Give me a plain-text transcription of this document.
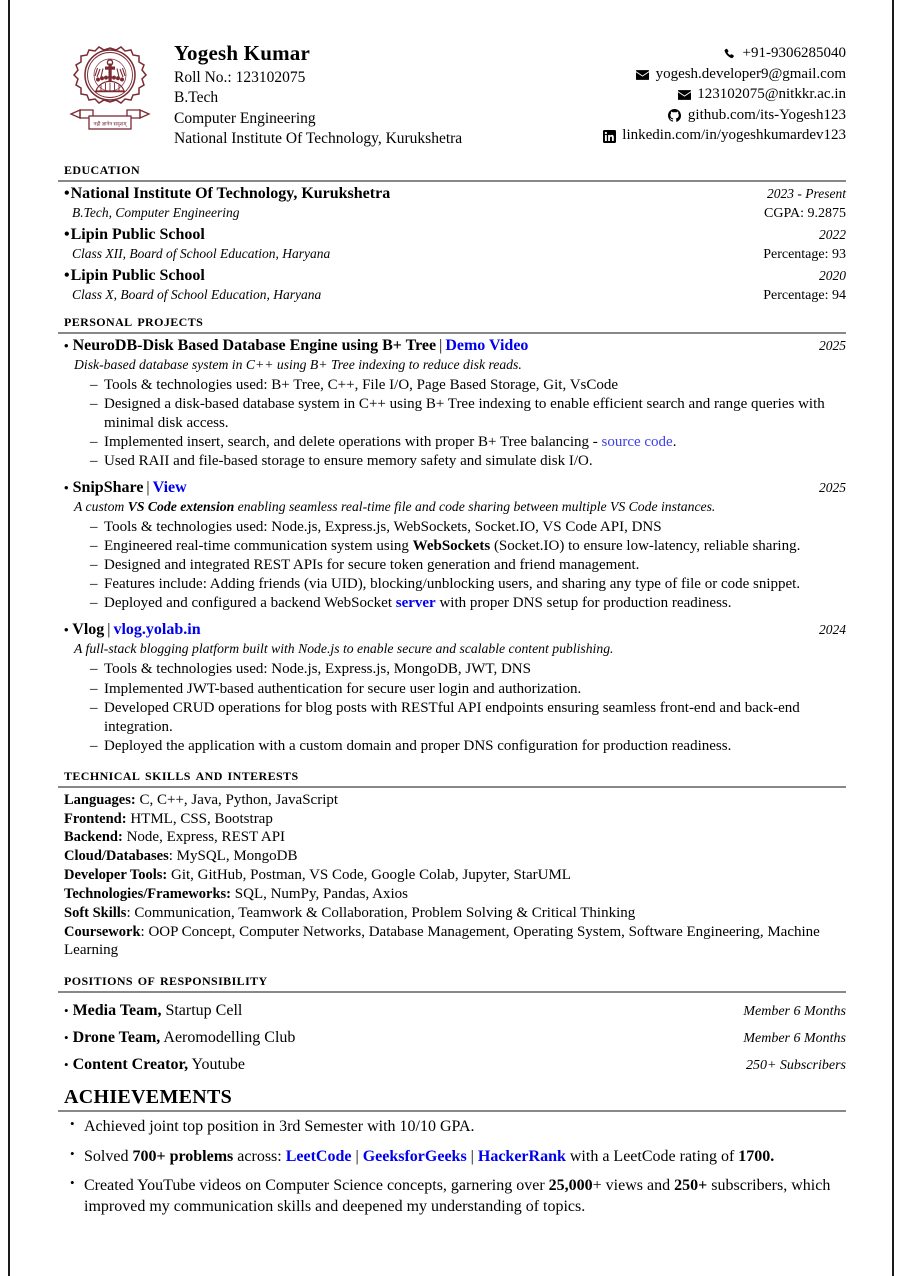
नही ज्ञानेन सदृशम्
Yogesh Kumar
Roll No.: 123102075
B.Tech
Computer Engineering
National Institute Of Technology, Kurukshetra
+91-9306285040
yogesh.developer9@gmail.com
123102075@nitkkr.ac.in
github.com/its-Yogesh123
linkedin.com/in/yogeshkumardev123
education
•National Institute Of Technology, Kurukshetra	2023 - Present
B.Tech, Computer Engineering	CGPA: 9.2875
•Lipin Public School	2022
Class XII, Board of School Education, Haryana	Percentage: 93
•Lipin Public School	2020
Class X, Board of School Education, Haryana	Percentage: 94
personal projects
• NeuroDB-Disk Based Database Engine using B+ Tree | Demo Video	2025
Disk-based database system in C++ using B+ Tree indexing to reduce disk reads.
– Tools & technologies used: B+ Tree, C++, File I/O, Page Based Storage, Git, VsCode
– Designed a disk-based database system in C++ using B+ Tree indexing to enable efficient search and range queries with minimal disk access.
– Implemented insert, search, and delete operations with proper B+ Tree balancing - source code.
– Used RAII and file-based storage to ensure memory safety and simulate disk I/O.
• SnipShare | View	2025
A custom VS Code extension enabling seamless real-time file and code sharing between multiple VS Code instances.
– Tools & technologies used: Node.js, Express.js, WebSockets, Socket.IO, VS Code API, DNS
– Engineered real-time communication system using WebSockets (Socket.IO) to ensure low-latency, reliable sharing.
– Designed and integrated REST APIs for secure token generation and friend management.
– Features include: Adding friends (via UID), blocking/unblocking users, and sharing any type of file or code snippet.
– Deployed and configured a backend WebSocket server with proper DNS setup for production readiness.
• Vlog | vlog.yolab.in	2024
A full-stack blogging platform built with Node.js to enable secure and scalable content publishing.
– Tools & technologies used: Node.js, Express.js, MongoDB, JWT, DNS
– Implemented JWT-based authentication for secure user login and authorization.
– Developed CRUD operations for blog posts with RESTful API endpoints ensuring seamless front-end and back-end integration.
– Deployed the application with a custom domain and proper DNS configuration for production readiness.
technical skills and interests
Languages: C, C++, Java, Python, JavaScript
Frontend: HTML, CSS, Bootstrap
Backend: Node, Express, REST API
Cloud/Databases: MySQL, MongoDB
Developer Tools: Git, GitHub, Postman, VS Code, Google Colab, Jupyter, StarUML
Technologies/Frameworks: SQL, NumPy, Pandas, Axios
Soft Skills: Communication, Teamwork & Collaboration, Problem Solving & Critical Thinking
Coursework: OOP Concept, Computer Networks, Database Management, Operating System, Software Engineering, Machine Learning
positions of responsibility
• Media Team, Startup Cell	Member 6 Months
• Drone Team, Aeromodelling Club	Member 6 Months
• Content Creator, Youtube	250+ Subscribers
ACHIEVEMENTS
• Achieved joint top position in 3rd Semester with 10/10 GPA.
• Solved 700+ problems across: LeetCode | GeeksforGeeks | HackerRank with a LeetCode rating of 1700.
• Created YouTube videos on Computer Science concepts, garnering over 25,000+ views and 250+ subscribers, which improved my communication skills and deepened my understanding of topics.
